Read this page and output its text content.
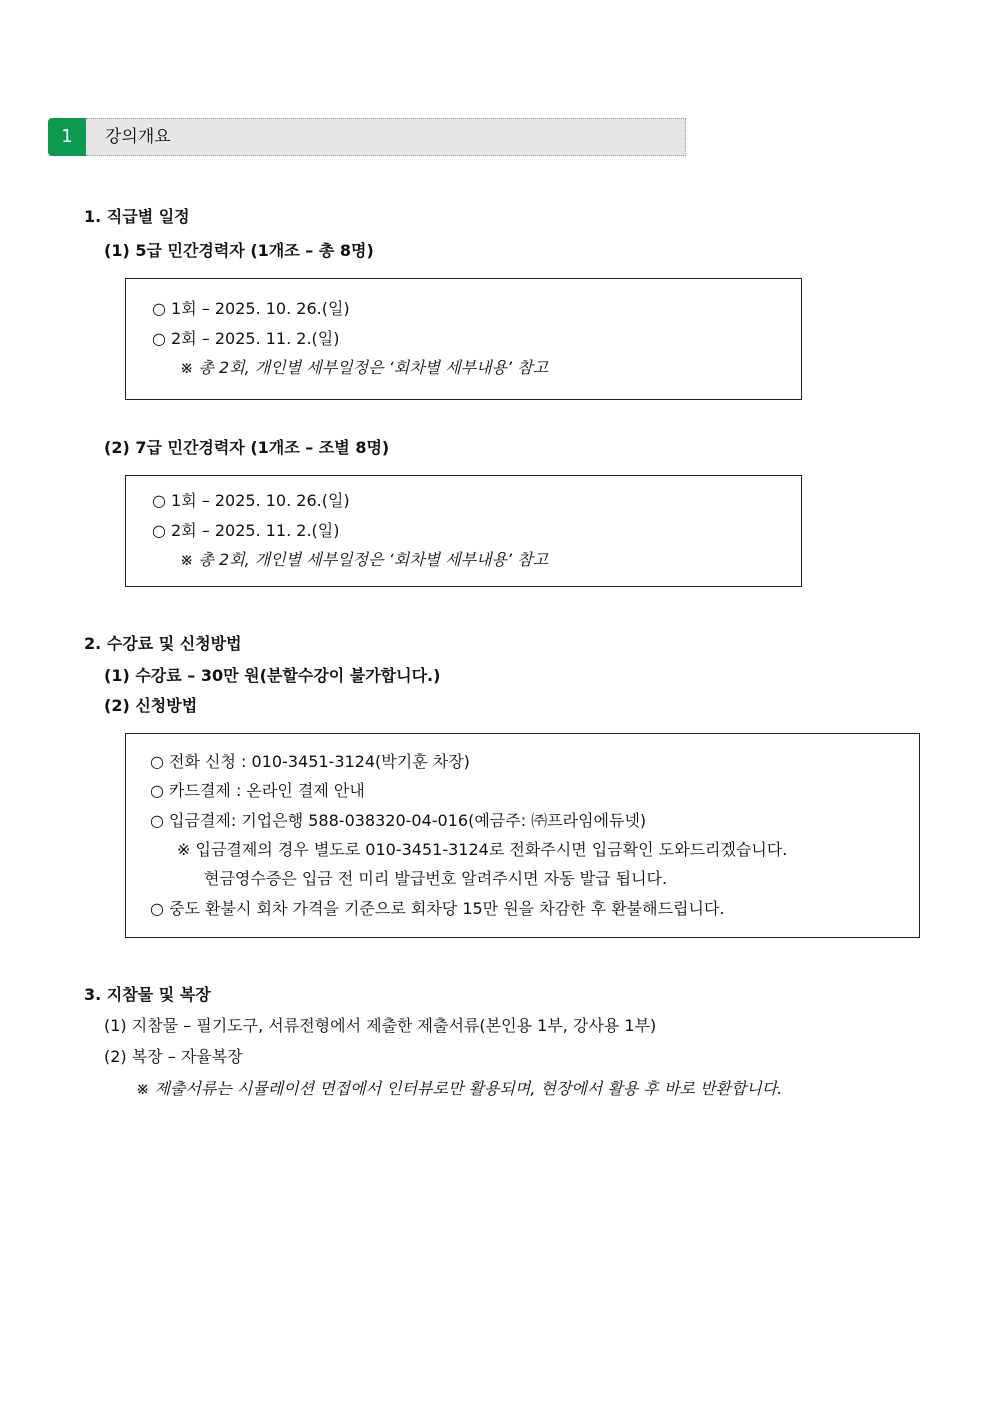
1	강의개요
1. 직급별 일정
(1) 5급 민간경력자 (1개조 – 총 8명)
○ 1회 – 2025. 10. 26.(일)
○ 2회 – 2025. 11. 2.(일)
※ 총 2회, 개인별 세부일정은 ‘회차별 세부내용’ 참고
(2) 7급 민간경력자 (1개조 – 조별 8명)
○ 1회 – 2025. 10. 26.(일)
○ 2회 – 2025. 11. 2.(일)
※ 총 2회, 개인별 세부일정은 ‘회차별 세부내용’ 참고
2. 수강료 및 신청방법
(1) 수강료 – 30만 원(분할수강이 불가합니다.)
(2) 신청방법
○ 전화 신청 : 010-3451-3124(박기훈 차장)
○ 카드결제 : 온라인 결제 안내
○ 입금결제: 기업은행 588-038320-04-016(예금주: ㈜프라임에듀넷)
※ 입금결제의 경우 별도로 010-3451-3124로 전화주시면 입금확인 도와드리겠습니다.
현금영수증은 입금 전 미리 발급번호 알려주시면 자동 발급 됩니다.
○ 중도 환불시 회차 가격을 기준으로 회차당 15만 원을 차감한 후 환불해드립니다.
3. 지참물 및 복장
(1) 지참물 – 필기도구, 서류전형에서 제출한 제출서류(본인용 1부, 강사용 1부)
(2) 복장 – 자율복장
※ 제출서류는 시뮬레이션 면접에서 인터뷰로만 활용되며, 현장에서 활용 후 바로 반환합니다.
